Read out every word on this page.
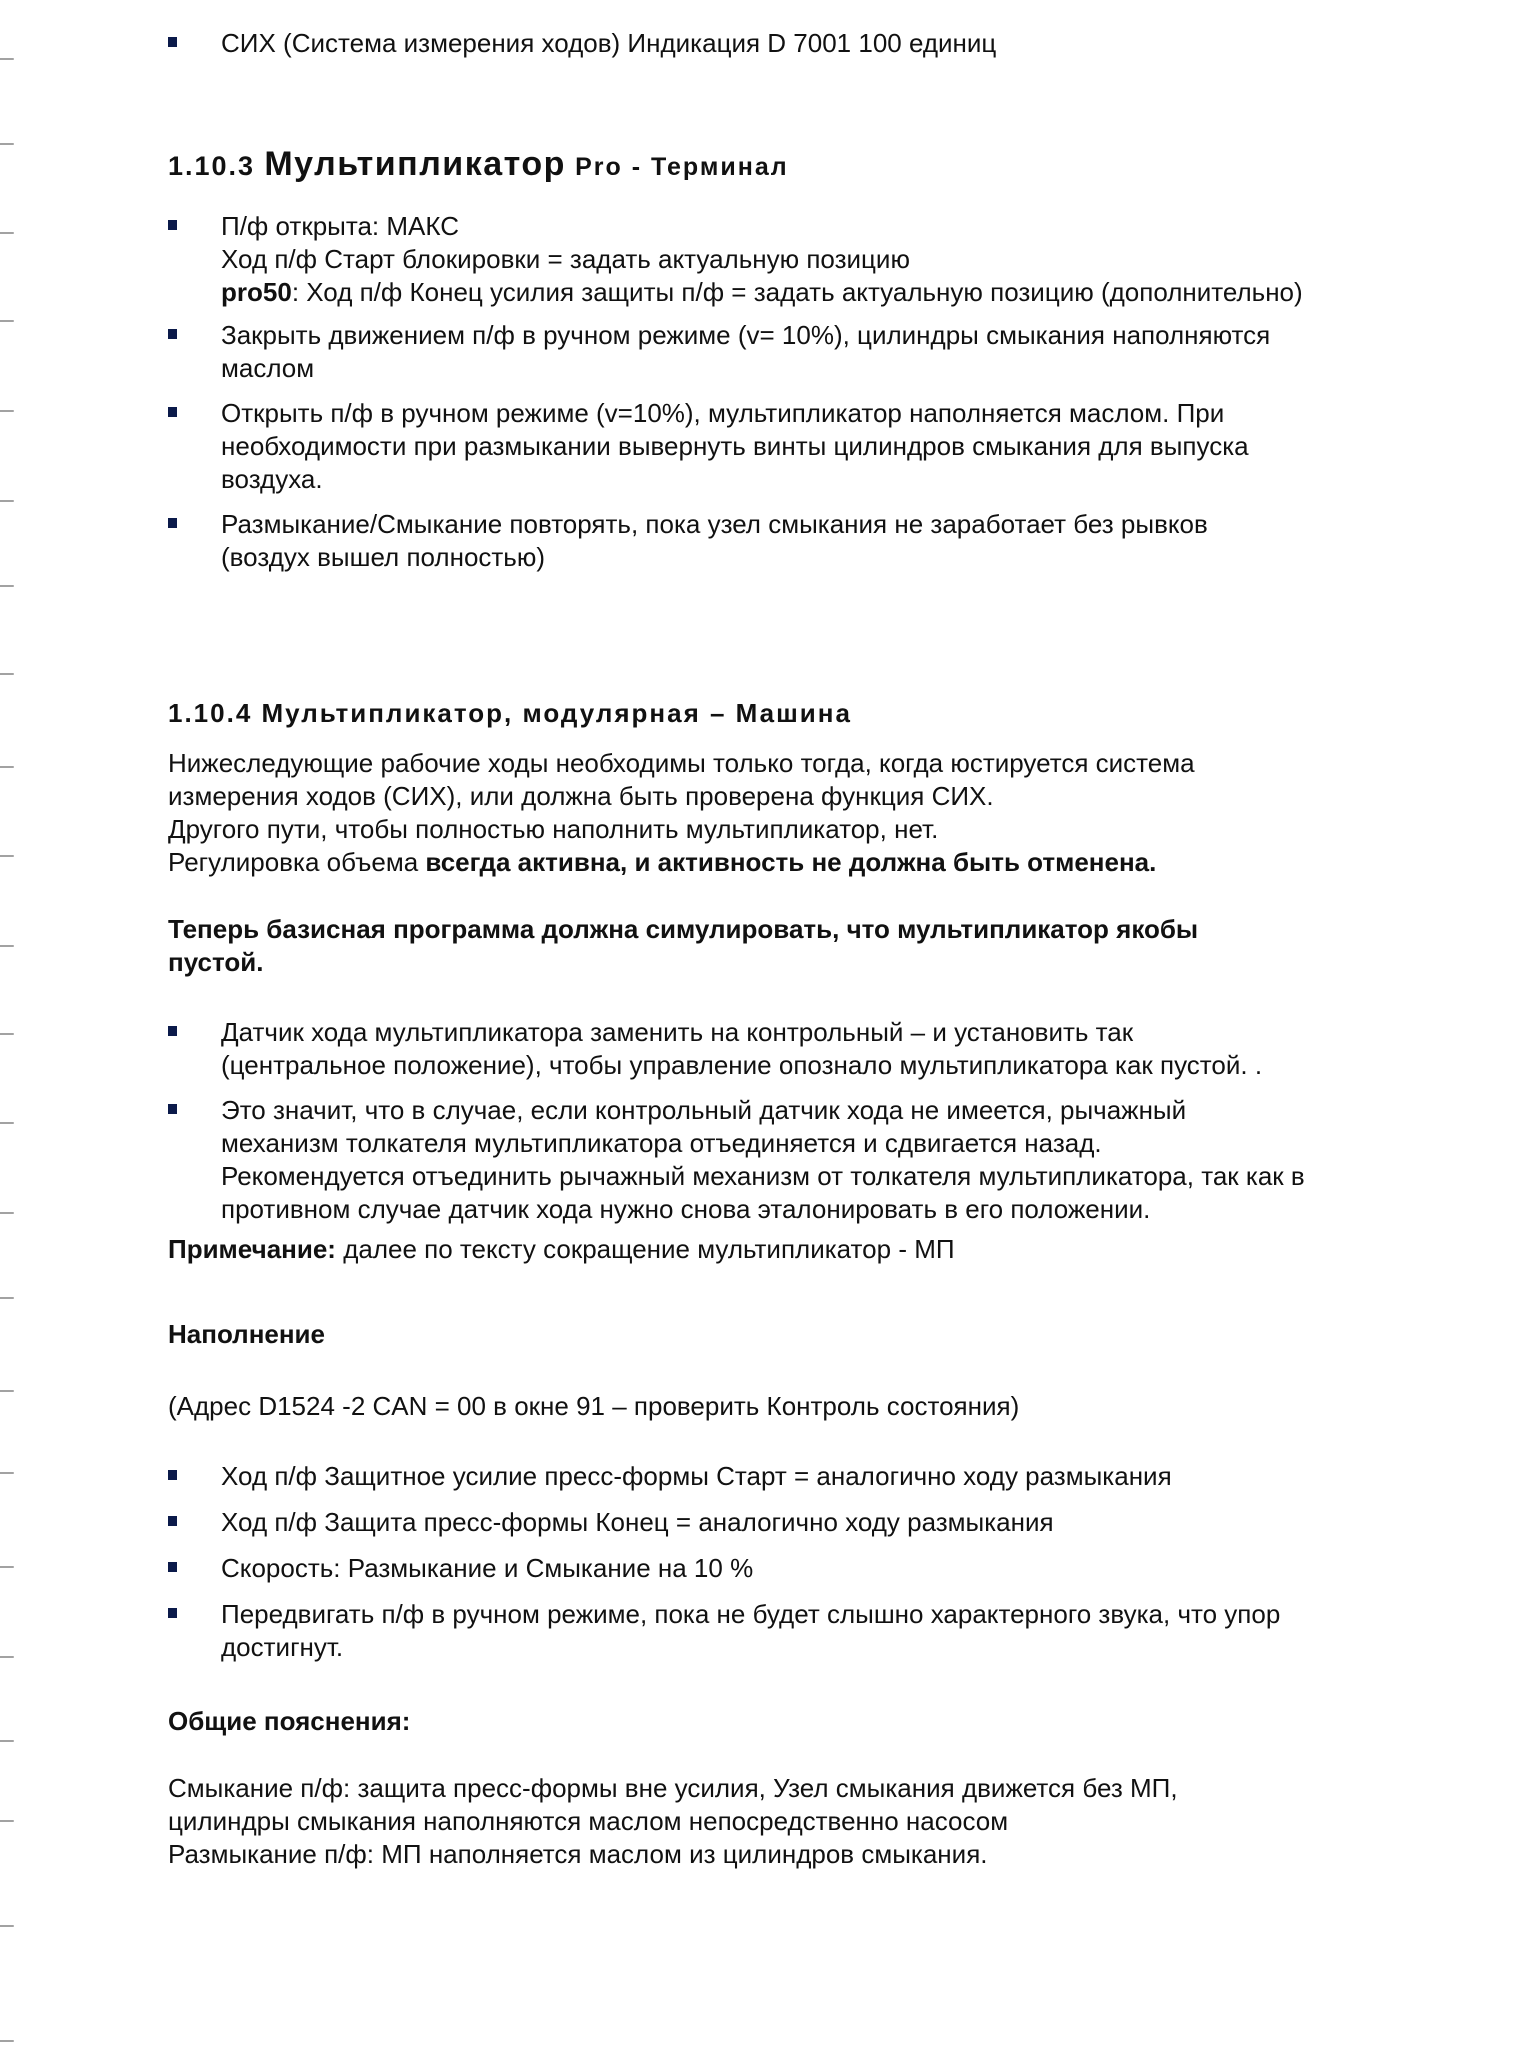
СИХ (Система измерения ходов) Индикация D 7001 100 единиц
1.10.3 Мультипликатор Pro - Терминал
П/ф открыта: МАКС
Ход п/ф Старт блокировки = задать актуальную позицию
pro50: Ход п/ф Конец усилия защиты п/ф = задать актуальную позицию (дополнительно)
Закрыть движением п/ф в ручном режиме (v= 10%), цилиндры смыкания наполняются
маслом
Открыть п/ф в ручном режиме (v=10%), мультипликатор наполняется маслом. При
необходимости при размыкании вывернуть винты цилиндров смыкания для выпуска
воздуха.
Размыкание/Смыкание повторять, пока узел смыкания не заработает без рывков
(воздух вышел полностью)
1.10.4 Мультипликатор, модулярная – Машина
Нижеследующие рабочие ходы необходимы только тогда, когда юстируется система
измерения ходов (СИХ), или должна быть проверена функция СИХ.
Другого пути, чтобы полностью наполнить мультипликатор, нет.
Регулировка объема всегда активна, и активность не должна быть отменена.
Теперь базисная программа должна симулировать, что мультипликатор якобы
пустой.
Датчик хода мультипликатора заменить на контрольный – и установить так
(центральное положение), чтобы управление опознало мультипликатора как пустой. .
Это значит, что в случае, если контрольный датчик хода не имеется, рычажный
механизм толкателя мультипликатора отъединяется и сдвигается назад.
Рекомендуется отъединить рычажный механизм от толкателя мультипликатора, так как в
противном случае датчик хода нужно снова эталонировать в его положении.
Примечание: далее по тексту сокращение мультипликатор - МП
Наполнение
(Адрес D1524 -2 CAN = 00 в окне 91 – проверить Контроль состояния)
Ход п/ф Защитное усилие пресс-формы Старт = аналогично ходу размыкания
Ход п/ф Защита пресс-формы Конец = аналогично ходу размыкания
Скорость: Размыкание и Смыкание на 10 %
Передвигать п/ф в ручном режиме, пока не будет слышно характерного звука, что упор
достигнут.
Общие пояснения:
Смыкание п/ф: защита пресс-формы вне усилия, Узел смыкания движется без МП,
цилиндры смыкания наполняются маслом непосредственно насосом
Размыкание п/ф: МП наполняется маслом из цилиндров смыкания.
